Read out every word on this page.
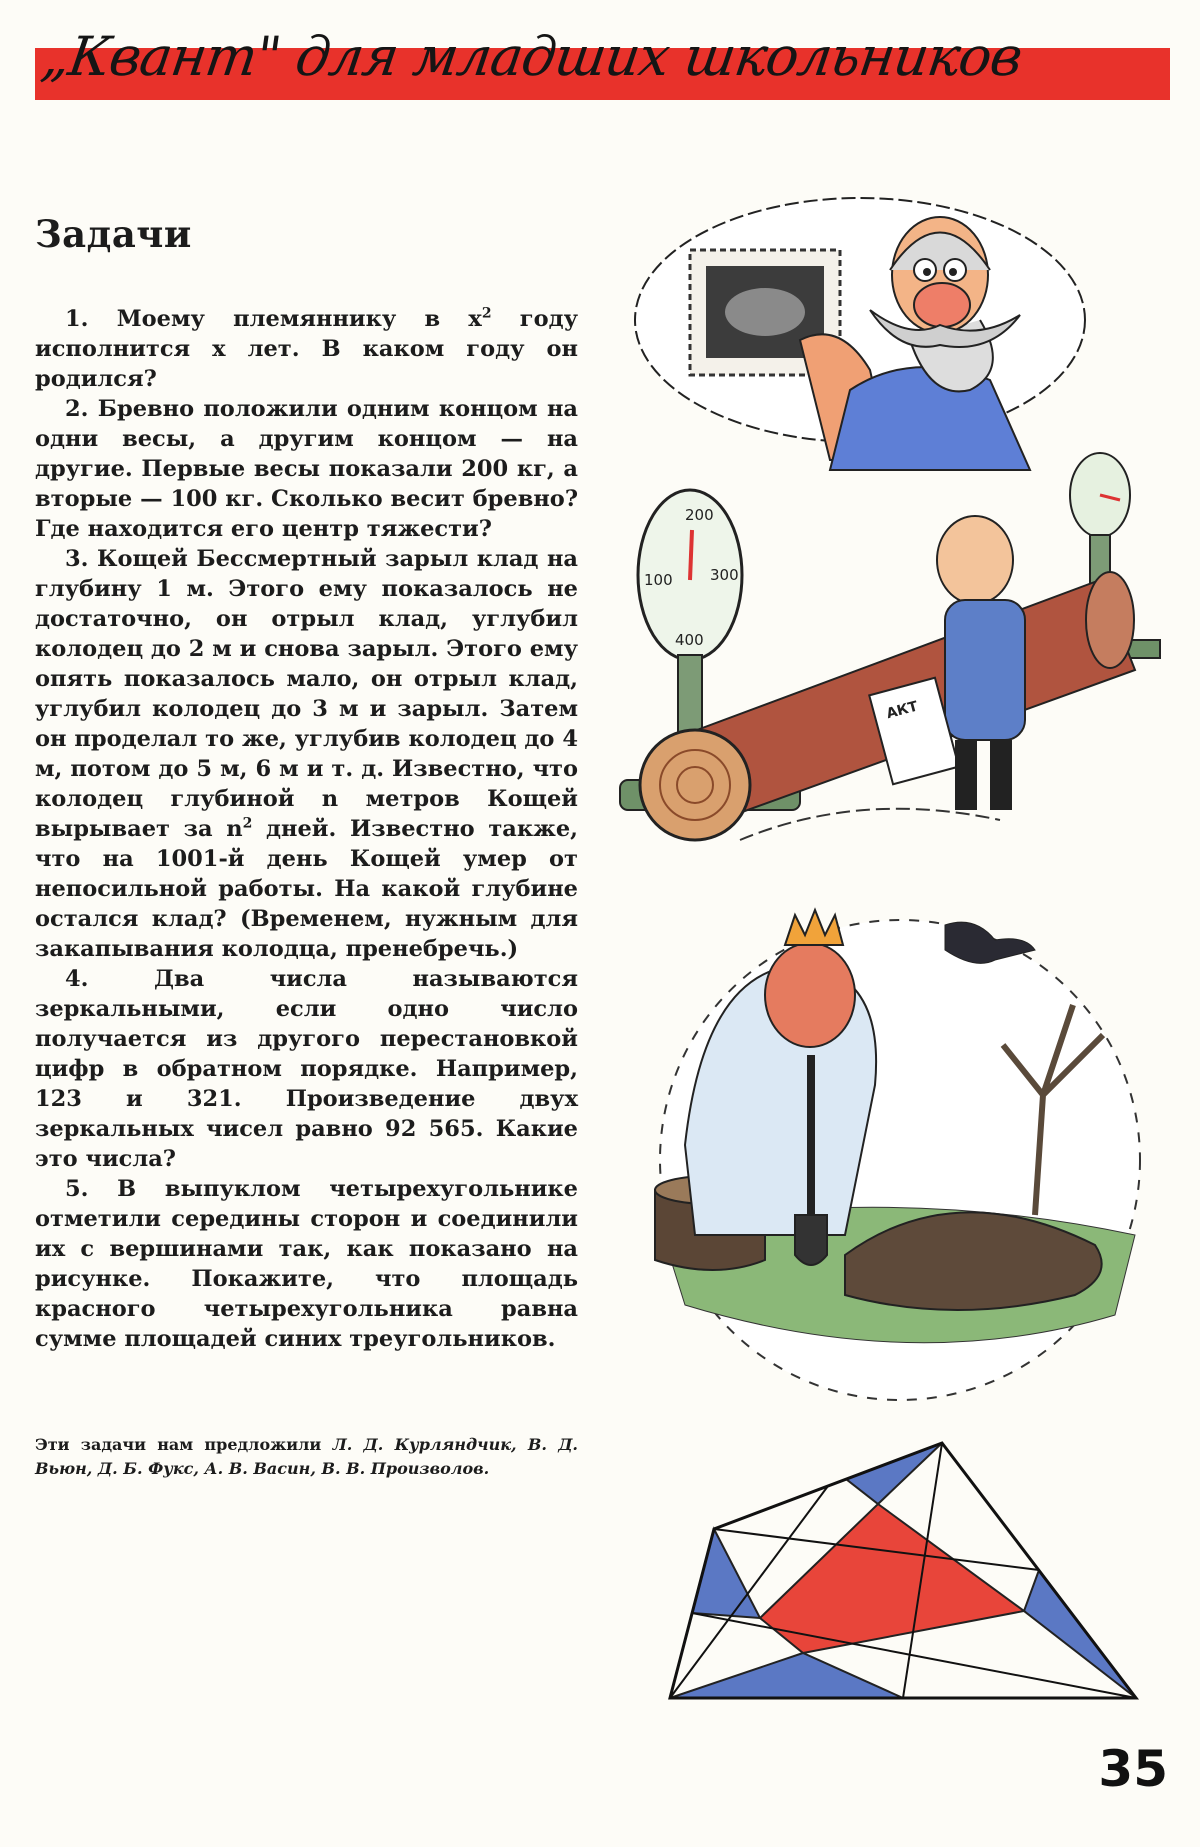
„Квант" для младших школьников
Задачи

1. Моему племяннику в $x^2$ году исполнится x лет. В каком году он родился?

2. Бревно положили одним концом на одни весы, а другим концом — на другие. Первые весы показали 200 кг, а вторые — 100 кг. Сколько весит бревно? Где находится его центр тяжести?

3. Кощей Бессмертный зарыл клад на глубину 1 м. Этого ему показалось не достаточно, он отрыл клад, углубил колодец до 2 м и снова зарыл. Этого ему опять показалось мало, он отрыл клад, углубил колодец до 3 м и зарыл. Затем он проделал то же, углубив колодец до 4 м, потом до 5 м, 6 м и т. д. Известно, что колодец глубиной n метров Кощей вырывает за $n^2$ дней. Известно также, что на 1001-й день Кощей умер от непосильной работы. На какой глубине остался клад? (Временем, нужным для закапывания колодца, пренебречь.)

4. Два числа называются зеркальными, если одно число получается из другого перестановкой цифр в обратном порядке. Например, 123 и 321. Произведение двух зеркальных чисел равно 92 565. Какие это числа?

5. В выпуклом четырехугольнике отметили середины сторон и соединили их с вершинами так, как показано на рисунке. Покажите, что площадь красного четырехугольника равна сумме площадей синих треугольников.

Эти задачи нам предложили Л. Д. Курляндчик, В. Д. Вьюн, Д. Б. Фукс, А. В. Васин, В. В. Произволов.
200
100 300
400
АКТ
35
